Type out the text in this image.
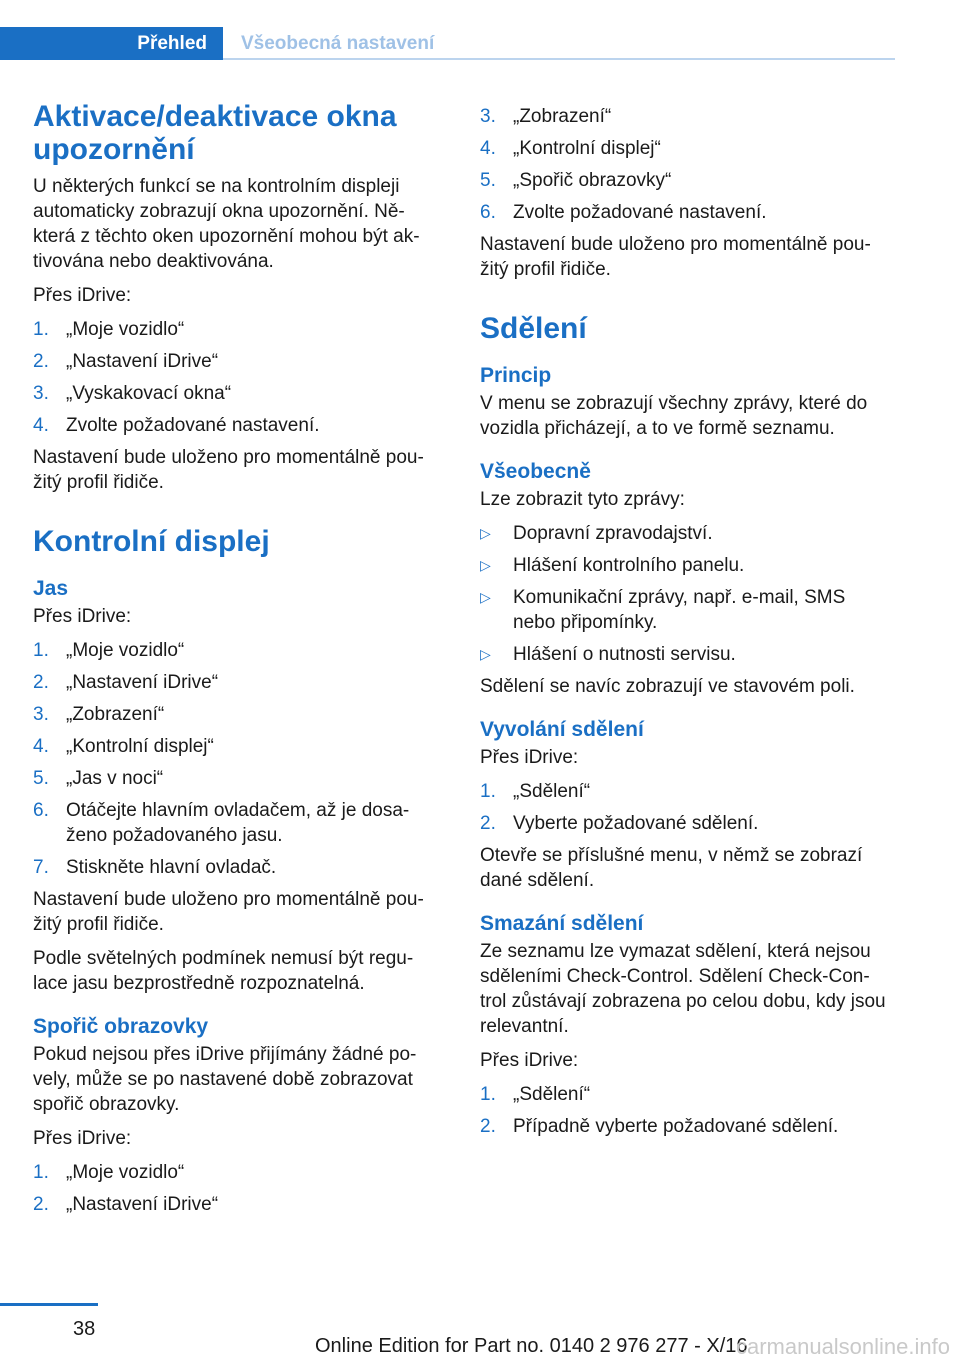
Přehled Všeobecná nastavení
Aktivace/deaktivace okna upozornění

U některých funkcí se na kontrolním displeji automaticky zobrazují okna upozornění. Ně‐ která z těchto oken upozornění mohou být ak‐ tivována nebo deaktivována.

Přes iDrive:

1. „Moje vozidlo“
2. „Nastavení iDrive“
3. „Vyskakovací okna“
4. Zvolte požadované nastavení.

Nastavení bude uloženo pro momentálně pou‐ žitý profil řidiče.

Kontrolní displej
Jas

Přes iDrive:

1. „Moje vozidlo“
2. „Nastavení iDrive“
3. „Zobrazení“
4. „Kontrolní displej“
5. „Jas v noci“
6. Otáčejte hlavním ovladačem, až je dosa‐ ženo požadovaného jasu.
7. Stiskněte hlavní ovladač.

Nastavení bude uloženo pro momentálně pou‐ žitý profil řidiče.

Podle světelných podmínek nemusí být regu‐ lace jasu bezprostředně rozpoznatelná.

Spořič obrazovky

Pokud nejsou přes iDrive přijímány žádné po‐ vely, může se po nastavené době zobrazovat spořič obrazovky.

Přes iDrive:

1. „Moje vozidlo“
2. „Nastavení iDrive“
3. „Zobrazení“
4. „Kontrolní displej“
5. „Spořič obrazovky“
6. Zvolte požadované nastavení.

Nastavení bude uloženo pro momentálně pou‐ žitý profil řidiče.

Sdělení
Princip

V menu se zobrazují všechny zprávy, které do vozidla přicházejí, a to ve formě seznamu.

Všeobecně

Lze zobrazit tyto zprávy:

▷ Dopravní zpravodajství.
▷ Hlášení kontrolního panelu.
▷ Komunikační zprávy, např. e-mail, SMS nebo připomínky.
▷ Hlášení o nutnosti servisu.

Sdělení se navíc zobrazují ve stavovém poli.

Vyvolání sdělení

Přes iDrive:

1. „Sdělení“
2. Vyberte požadované sdělení.

Otevře se příslušné menu, v němž se zobrazí dané sdělení.

Smazání sdělení

Ze seznamu lze vymazat sdělení, která nejsou sděleními Check-Control. Sdělení Check-Con‐ trol zůstávají zobrazena po celou dobu, kdy jsou relevantní.

Přes iDrive:

1. „Sdělení“
2. Případně vyberte požadované sdělení.
38
Online Edition for Part no. 0140 2 976 277 - X/16
carmanualsonline.info
